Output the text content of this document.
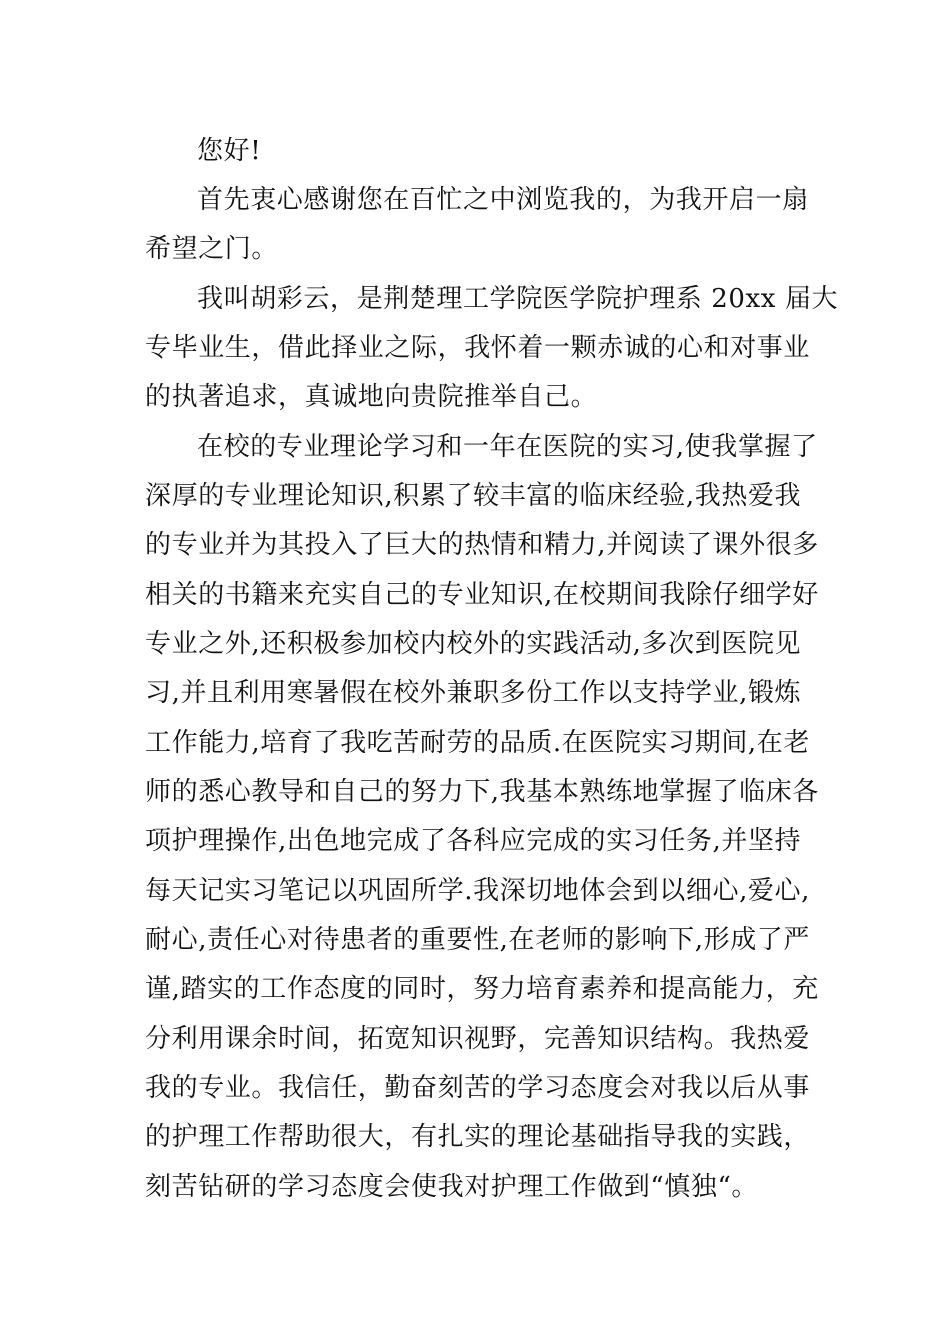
您好!
首先衷心感谢您在百忙之中浏览我的，为我开启一扇
希望之门。
我叫胡彩云，是荆楚理工学院医学院护理系 20xx 届大
专毕业生，借此择业之际，我怀着一颗赤诚的心和对事业
的执著追求，真诚地向贵院推举自己。
在校的专业理论学习和一年在医院的实习,使我掌握了
深厚的专业理论知识,积累了较丰富的临床经验,我热爱我
的专业并为其投入了巨大的热情和精力,并阅读了课外很多
相关的书籍来充实自己的专业知识,在校期间我除仔细学好
专业之外,还积极参加校内校外的实践活动,多次到医院见
习,并且利用寒暑假在校外兼职多份工作以支持学业,锻炼
工作能力,培育了我吃苦耐劳的品质.在医院实习期间,在老
师的悉心教导和自己的努力下,我基本熟练地掌握了临床各
项护理操作,出色地完成了各科应完成的实习任务,并坚持
每天记实习笔记以巩固所学.我深切地体会到以细心,爱心,
耐心,责任心对待患者的重要性,在老师的影响下,形成了严
谨,踏实的工作态度的同时，努力培育素养和提高能力，充
分利用课余时间，拓宽知识视野，完善知识结构。我热爱
我的专业。我信任，勤奋刻苦的学习态度会对我以后从事
的护理工作帮助很大，有扎实的理论基础指导我的实践，
刻苦钻研的学习态度会使我对护理工作做到“慎独“。
